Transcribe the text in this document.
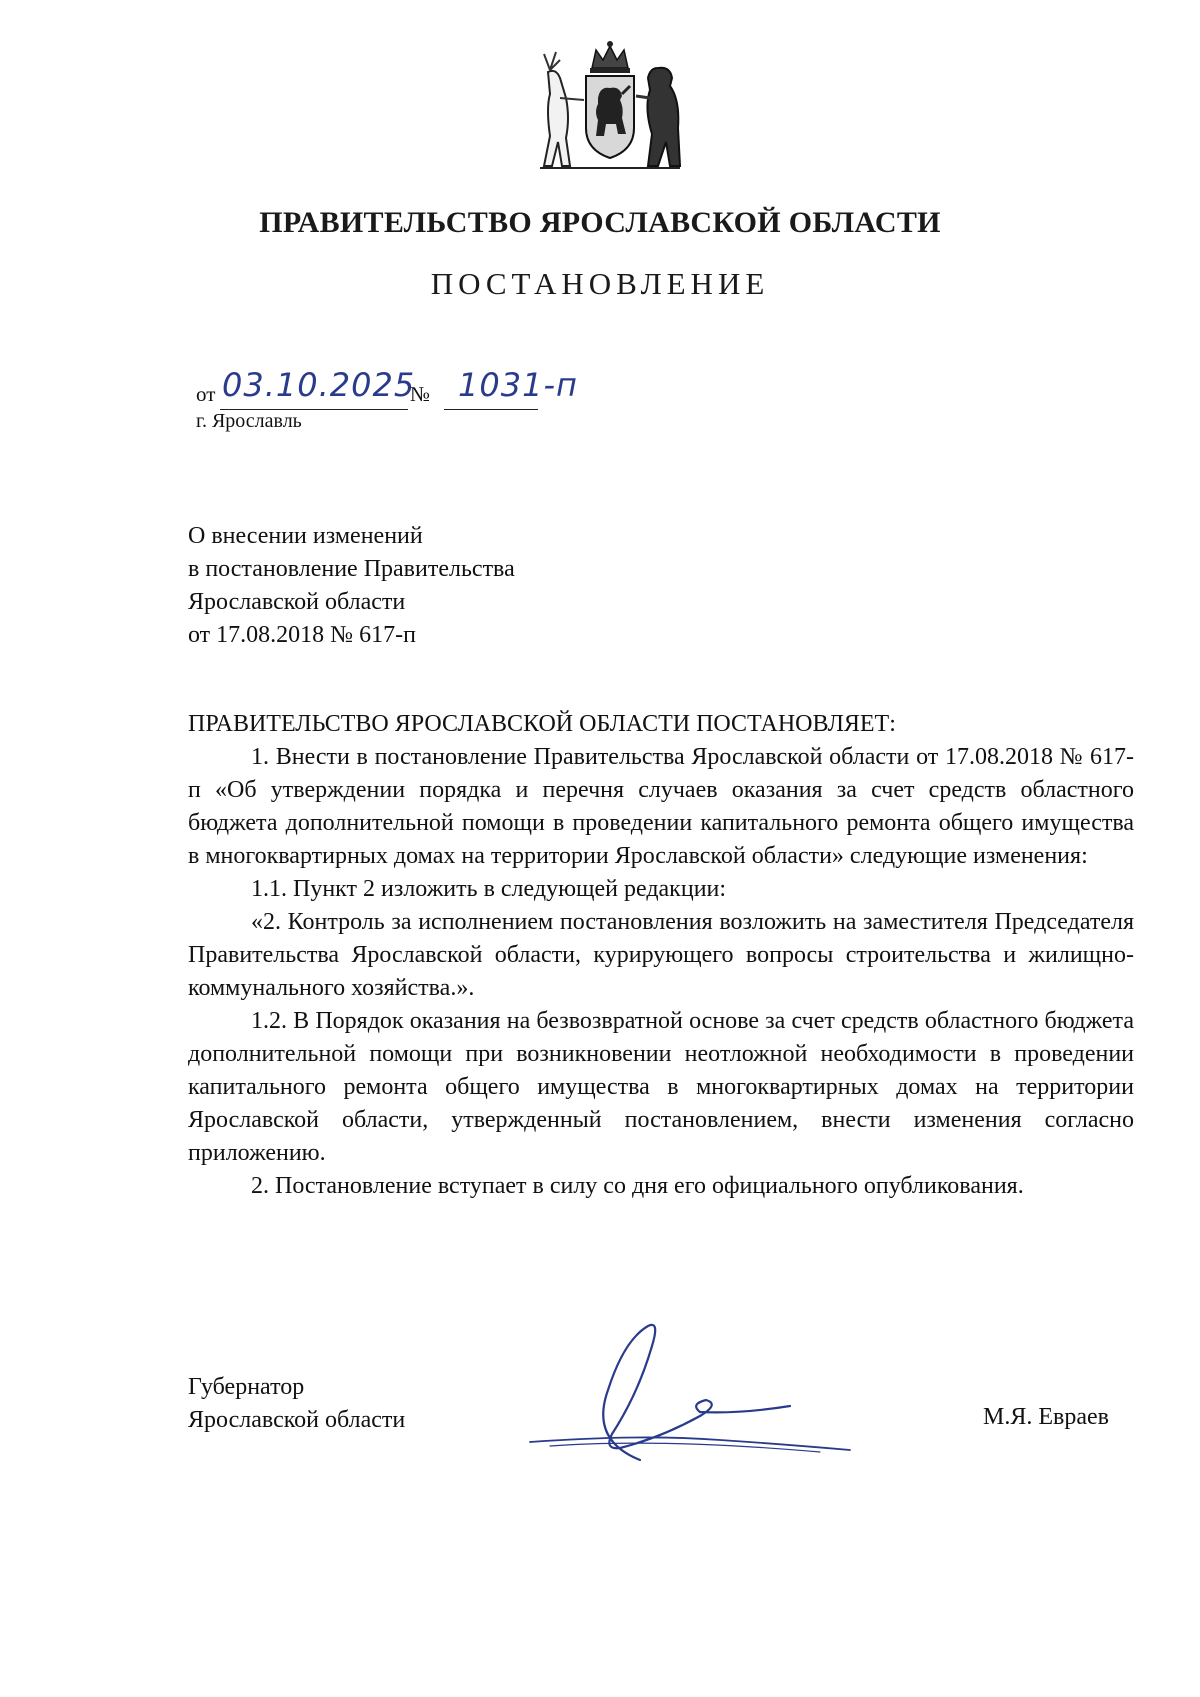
ПРАВИТЕЛЬСТВО ЯРОСЛАВСКОЙ ОБЛАСТИ
ПОСТАНОВЛЕНИЕ
от 03.10.2025
№ 1031-п
г. Ярославль
О внесении изменений
в постановление Правительства
Ярославской области
от 17.08.2018 № 617-п

ПРАВИТЕЛЬСТВО ЯРОСЛАВСКОЙ ОБЛАСТИ ПОСТАНОВЛЯЕТ:

1. Внести в постановление Правительства Ярославской области от 17.08.2018 № 617-п «Об утверждении порядка и перечня случаев оказания за счет средств областного бюджета дополнительной помощи в проведении капитального ремонта общего имущества в многоквартирных домах на территории Ярославской области» следующие изменения:

1.1. Пункт 2 изложить в следующей редакции:

«2. Контроль за исполнением постановления возложить на заместителя Председателя Правительства Ярославской области, курирующего вопросы строительства и жилищно-коммунального хозяйства.».

1.2. В Порядок оказания на безвозвратной основе за счет средств областного бюджета дополнительной помощи при возникновении неотложной необходимости в проведении капитального ремонта общего имущества в многоквартирных домах на территории Ярославской области, утвержденный постановлением, внести изменения согласно приложению.

2. Постановление вступает в силу со дня его официального опубликования.

Губернатор
Ярославской области	М.Я. Евраев
